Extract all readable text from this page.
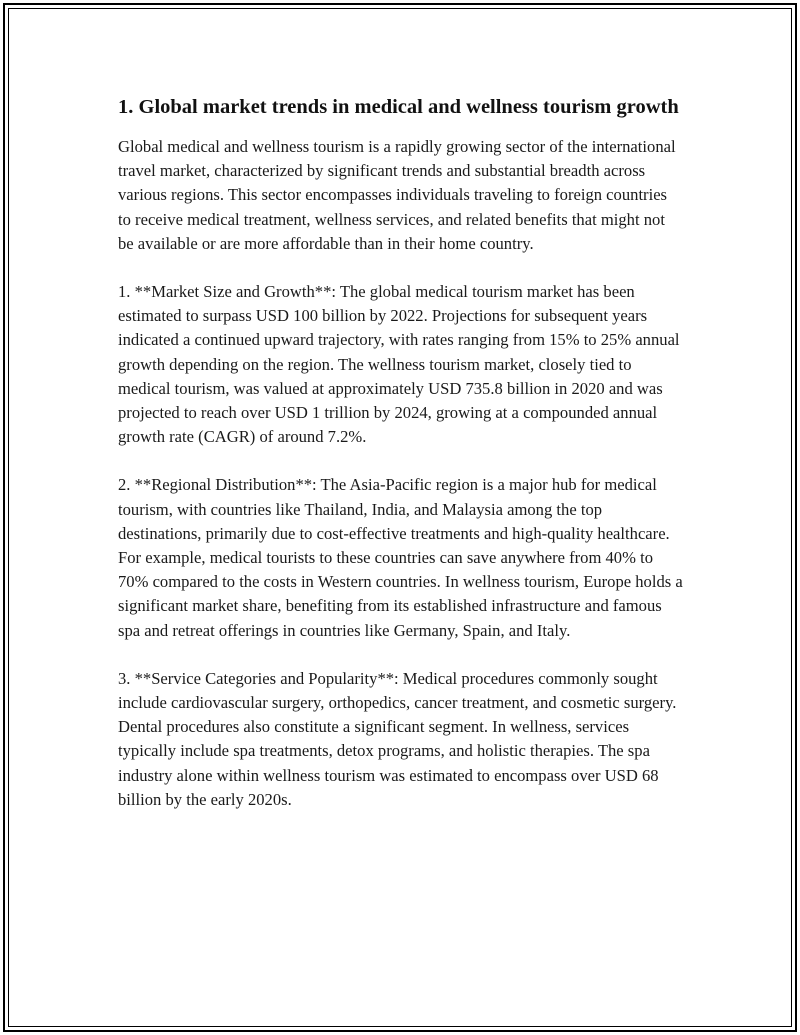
1. Global market trends in medical and wellness tourism growth

Global medical and wellness tourism is a rapidly growing sector of the international travel market, characterized by significant trends and substantial breadth across various regions. This sector encompasses individuals traveling to foreign countries to receive medical treatment, wellness services, and related benefits that might not be available or are more affordable than in their home country.

1. **Market Size and Growth**: The global medical tourism market has been estimated to surpass USD 100 billion by 2022. Projections for subsequent years indicated a continued upward trajectory, with rates ranging from 15% to 25% annual growth depending on the region. The wellness tourism market, closely tied to medical tourism, was valued at approximately USD 735.8 billion in 2020 and was projected to reach over USD 1 trillion by 2024, growing at a compounded annual growth rate (CAGR) of around 7.2%.

2. **Regional Distribution**: The Asia-Pacific region is a major hub for medical tourism, with countries like Thailand, India, and Malaysia among the top destinations, primarily due to cost-effective treatments and high-quality healthcare. For example, medical tourists to these countries can save anywhere from 40% to 70% compared to the costs in Western countries. In wellness tourism, Europe holds a significant market share, benefiting from its established infrastructure and famous spa and retreat offerings in countries like Germany, Spain, and Italy.

3. **Service Categories and Popularity**: Medical procedures commonly sought include cardiovascular surgery, orthopedics, cancer treatment, and cosmetic surgery. Dental procedures also constitute a significant segment. In wellness, services typically include spa treatments, detox programs, and holistic therapies. The spa industry alone within wellness tourism was estimated to encompass over USD 68 billion by the early 2020s.
